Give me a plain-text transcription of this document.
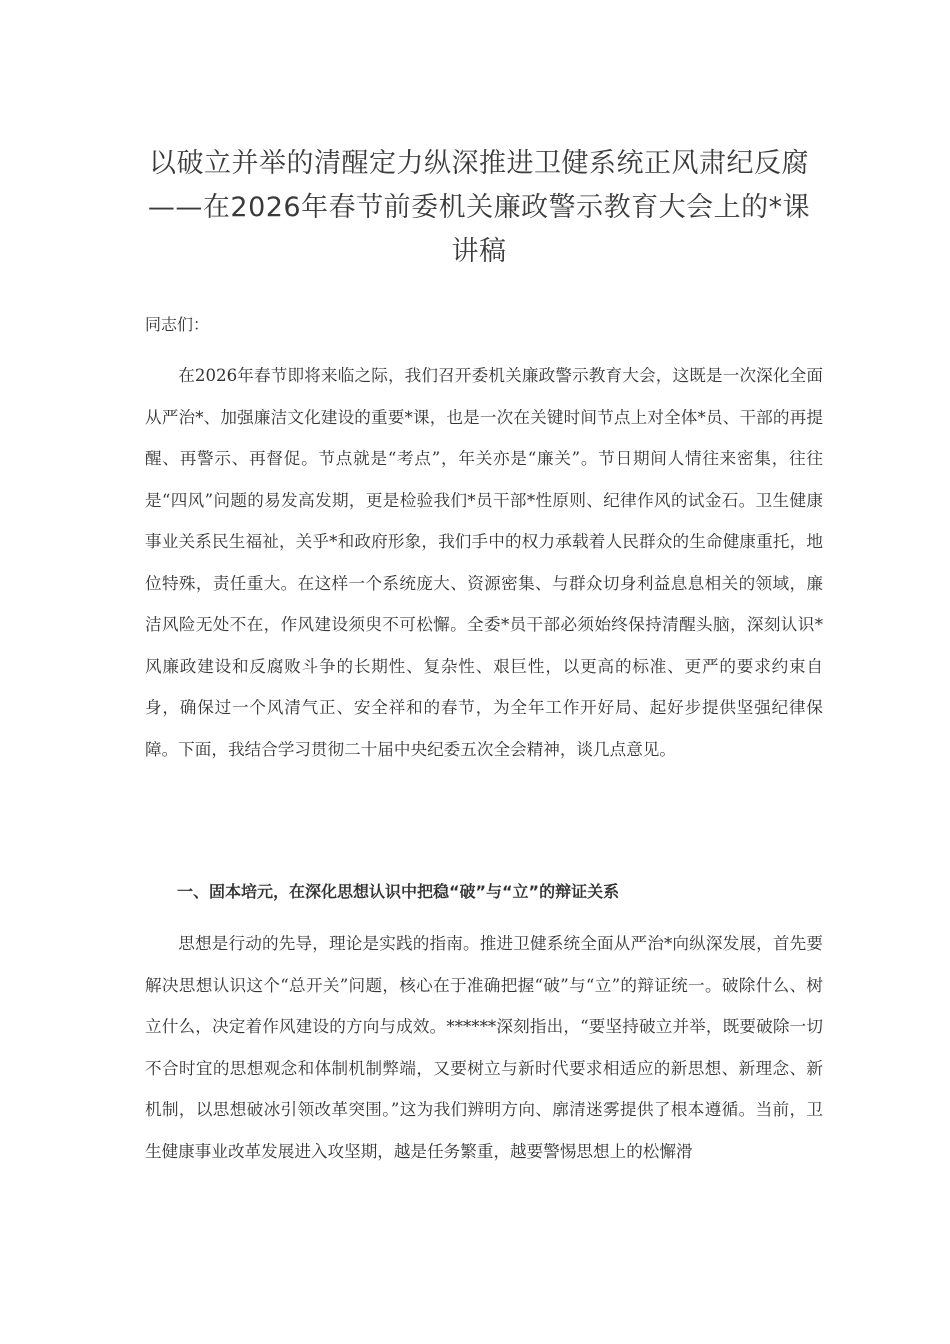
以破立并举的清醒定力纵深推进卫健系统正风肃纪反腐——在2026年春节前委机关廉政警示教育大会上的*课讲稿

同志们：

在2026年春节即将来临之际，我们召开委机关廉政警示教育大会，这既是一次深化全面从严治*、加强廉洁文化建设的重要*课，也是一次在关键时间节点上对全体*员、干部的再提醒、再警示、再督促。节点就是“考点”，年关亦是“廉关”。节日期间人情往来密集，往往是“四风”问题的易发高发期，更是检验我们*员干部*性原则、纪律作风的试金石。卫生健康事业关系民生福祉，关乎*和政府形象，我们手中的权力承载着人民群众的生命健康重托，地位特殊，责任重大。在这样一个系统庞大、资源密集、与群众切身利益息息相关的领域，廉洁风险无处不在，作风建设须臾不可松懈。全委*员干部必须始终保持清醒头脑，深刻认识*风廉政建设和反腐败斗争的长期性、复杂性、艰巨性，以更高的标准、更严的要求约束自身，确保过一个风清气正、安全祥和的春节，为全年工作开好局、起好步提供坚强纪律保障。下面，我结合学习贯彻二十届中央纪委五次全会精神，谈几点意见。

一、固本培元，在深化思想认识中把稳“破”与“立”的辩证关系

思想是行动的先导，理论是实践的指南。推进卫健系统全面从严治*向纵深发展，首先要解决思想认识这个“总开关”问题，核心在于准确把握“破”与“立”的辩证统一。破除什么、树立什么，决定着作风建设的方向与成效。******深刻指出，“要坚持破立并举，既要破除一切不合时宜的思想观念和体制机制弊端，又要树立与新时代要求相适应的新思想、新理念、新机制，以思想破冰引领改革突围。”这为我们辨明方向、廓清迷雾提供了根本遵循。当前，卫生健康事业改革发展进入攻坚期，越是任务繁重，越要警惕思想上的松懈滑
